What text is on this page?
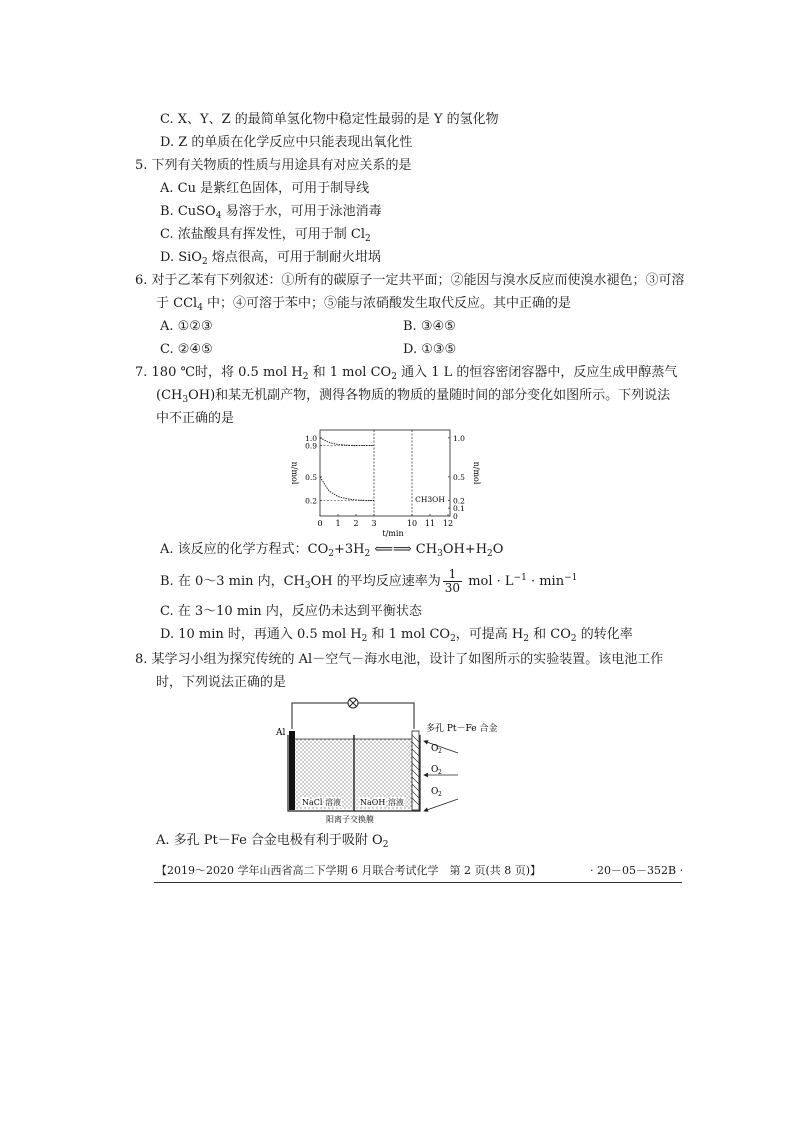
C. X、Y、Z 的最简单氢化物中稳定性最弱的是 Y 的氢化物
D. Z 的单质在化学反应中只能表现出氧化性
5. 下列有关物质的性质与用途具有对应关系的是
A. Cu 是紫红色固体，可用于制导线
B. CuSO$_4$ 易溶于水，可用于泳池消毒
C. 浓盐酸具有挥发性，可用于制 $Cl_2$
D. SiO$_2$ 熔点很高，可用于制耐火坩埚
6. 对于乙苯有下列叙述：①所有的碳原子一定共平面；②能因与溴水反应而使溴水褪色；③可溶
于 CCl$_4$ 中；④可溶于苯中；⑤能与浓硝酸发生取代反应。其中正确的是
A. ①②③	B. ③④⑤
C. ②④⑤	D. ①③⑤
7. 180 ℃时，将 0.5 mol $H_2$ 和 1 mol $CO_2$ 通入 1 L 的恒容密闭容器中，反应生成甲醇蒸气
$(CH_3OH)$和某无机副产物，测得各物质的物质的量随时间的部分变化如图所示。下列说法
中不正确的是
0 1 2 3	10 11 12
t/min
1.0
0.9
0.5
0.2
1.0
0.5
0.2
0.1
0
n/mol	n/mol
CH3OH
A. 该反应的化学方程式：$CO_2+3H_2$ ⟸⟹ $CH_3OH+H_2O$
B. 在 0～3 min 内，$CH_3OH$ 的平均反应速率为 $\frac{1}{30}$ mol · $L^{-1} \cdot \min^{-1}$
C. 在 3～10 min 内，反应仍未达到平衡状态
D. 10 min 时，再通入 0.5 mol $H_2$ 和 1 mol $CO_2$，可提高 $H_2$ 和 $CO_2$ 的转化率
8. 某学习小组为探究传统的 Al－空气－海水电池，设计了如图所示的实验装置。该电池工作
时，下列说法正确的是
Al	多孔 Pt－Fe 合金
O 2
O 2
O 2
NaCl 溶液 NaOH 溶液
阳离子交换膜
A. 多孔 Pt－Fe 合金电极有利于吸附 $O_2$
【2019～2020 学年山西省高二下学期 6 月联合考试化学　第 2 页(共 8 页)】	· 20－05－352B ·
